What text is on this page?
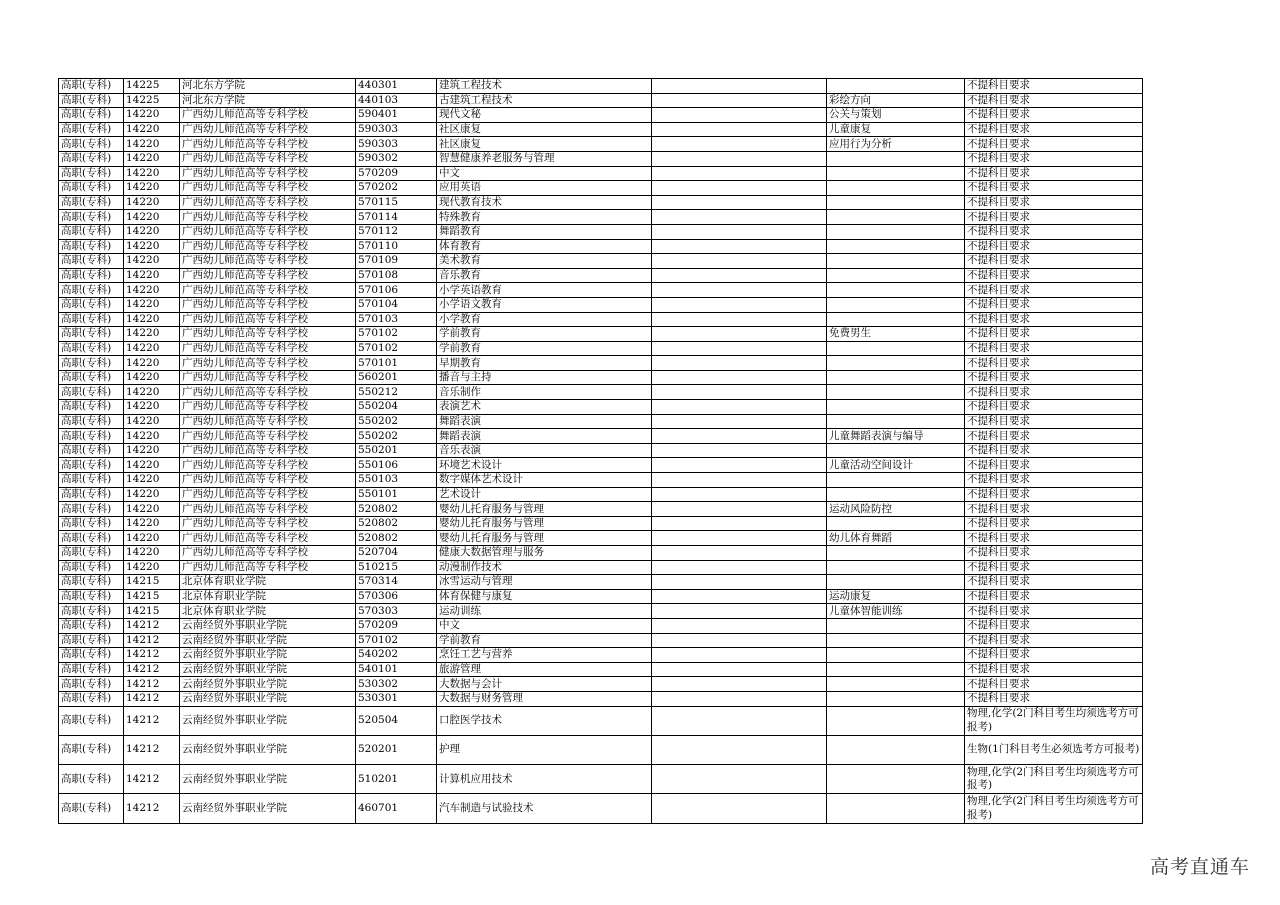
高职(专科)	14225	河北东方学院	440301	建筑工程技术			不提科目要求
高职(专科)	14225	河北东方学院	440103	古建筑工程技术		彩绘方向	不提科目要求
高职(专科)	14220	广西幼儿师范高等专科学校	590401	现代文秘		公关与策划	不提科目要求
高职(专科)	14220	广西幼儿师范高等专科学校	590303	社区康复		儿童康复	不提科目要求
高职(专科)	14220	广西幼儿师范高等专科学校	590303	社区康复		应用行为分析	不提科目要求
高职(专科)	14220	广西幼儿师范高等专科学校	590302	智慧健康养老服务与管理			不提科目要求
高职(专科)	14220	广西幼儿师范高等专科学校	570209	中文			不提科目要求
高职(专科)	14220	广西幼儿师范高等专科学校	570202	应用英语			不提科目要求
高职(专科)	14220	广西幼儿师范高等专科学校	570115	现代教育技术			不提科目要求
高职(专科)	14220	广西幼儿师范高等专科学校	570114	特殊教育			不提科目要求
高职(专科)	14220	广西幼儿师范高等专科学校	570112	舞蹈教育			不提科目要求
高职(专科)	14220	广西幼儿师范高等专科学校	570110	体育教育			不提科目要求
高职(专科)	14220	广西幼儿师范高等专科学校	570109	美术教育			不提科目要求
高职(专科)	14220	广西幼儿师范高等专科学校	570108	音乐教育			不提科目要求
高职(专科)	14220	广西幼儿师范高等专科学校	570106	小学英语教育			不提科目要求
高职(专科)	14220	广西幼儿师范高等专科学校	570104	小学语文教育			不提科目要求
高职(专科)	14220	广西幼儿师范高等专科学校	570103	小学教育			不提科目要求
高职(专科)	14220	广西幼儿师范高等专科学校	570102	学前教育		免费男生	不提科目要求
高职(专科)	14220	广西幼儿师范高等专科学校	570102	学前教育			不提科目要求
高职(专科)	14220	广西幼儿师范高等专科学校	570101	早期教育			不提科目要求
高职(专科)	14220	广西幼儿师范高等专科学校	560201	播音与主持			不提科目要求
高职(专科)	14220	广西幼儿师范高等专科学校	550212	音乐制作			不提科目要求
高职(专科)	14220	广西幼儿师范高等专科学校	550204	表演艺术			不提科目要求
高职(专科)	14220	广西幼儿师范高等专科学校	550202	舞蹈表演			不提科目要求
高职(专科)	14220	广西幼儿师范高等专科学校	550202	舞蹈表演		儿童舞蹈表演与编导	不提科目要求
高职(专科)	14220	广西幼儿师范高等专科学校	550201	音乐表演			不提科目要求
高职(专科)	14220	广西幼儿师范高等专科学校	550106	环境艺术设计		儿童活动空间设计	不提科目要求
高职(专科)	14220	广西幼儿师范高等专科学校	550103	数字媒体艺术设计			不提科目要求
高职(专科)	14220	广西幼儿师范高等专科学校	550101	艺术设计			不提科目要求
高职(专科)	14220	广西幼儿师范高等专科学校	520802	婴幼儿托育服务与管理		运动风险防控	不提科目要求
高职(专科)	14220	广西幼儿师范高等专科学校	520802	婴幼儿托育服务与管理			不提科目要求
高职(专科)	14220	广西幼儿师范高等专科学校	520802	婴幼儿托育服务与管理		幼儿体育舞蹈	不提科目要求
高职(专科)	14220	广西幼儿师范高等专科学校	520704	健康大数据管理与服务			不提科目要求
高职(专科)	14220	广西幼儿师范高等专科学校	510215	动漫制作技术			不提科目要求
高职(专科)	14215	北京体育职业学院	570314	冰雪运动与管理			不提科目要求
高职(专科)	14215	北京体育职业学院	570306	体育保健与康复		运动康复	不提科目要求
高职(专科)	14215	北京体育职业学院	570303	运动训练		儿童体智能训练	不提科目要求
高职(专科)	14212	云南经贸外事职业学院	570209	中文			不提科目要求
高职(专科)	14212	云南经贸外事职业学院	570102	学前教育			不提科目要求
高职(专科)	14212	云南经贸外事职业学院	540202	烹饪工艺与营养			不提科目要求
高职(专科)	14212	云南经贸外事职业学院	540101	旅游管理			不提科目要求
高职(专科)	14212	云南经贸外事职业学院	530302	大数据与会计			不提科目要求
高职(专科)	14212	云南经贸外事职业学院	530301	大数据与财务管理			不提科目要求
高职(专科)	14212	云南经贸外事职业学院	520504	口腔医学技术			物理,化学(2门科目考生均须选考方可报考)
高职(专科)	14212	云南经贸外事职业学院	520201	护理			生物(1门科目考生必须选考方可报考)
高职(专科)	14212	云南经贸外事职业学院	510201	计算机应用技术			物理,化学(2门科目考生均须选考方可报考)
高职(专科)	14212	云南经贸外事职业学院	460701	汽车制造与试验技术			物理,化学(2门科目考生均须选考方可报考)
高考直通车
